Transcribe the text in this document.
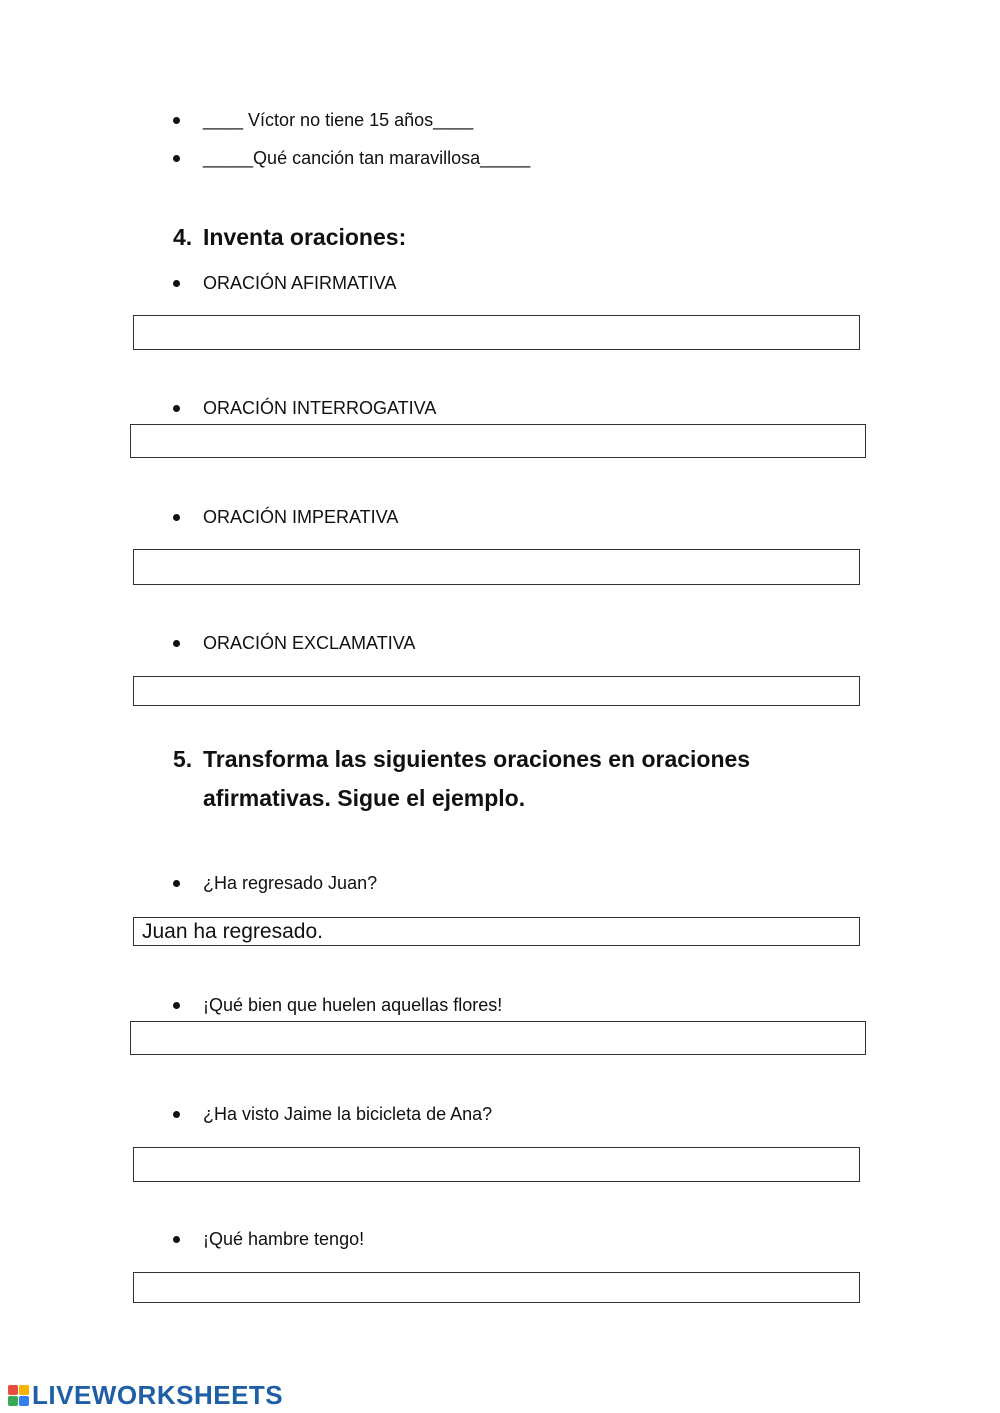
____ Víctor no tiene 15 años____
_____Qué canción tan maravillosa_____
4. Inventa oraciones:
ORACIÓN AFIRMATIVA
ORACIÓN INTERROGATIVA
ORACIÓN IMPERATIVA
ORACIÓN EXCLAMATIVA
5. Transforma las siguientes oraciones en oraciones afirmativas. Sigue el ejemplo.
¿Ha regresado Juan?
Juan ha regresado.
¡Qué bien que huelen aquellas flores!
¿Ha visto Jaime la bicicleta de Ana?
¡Qué hambre tengo!
LIVEWORKSHEETS
